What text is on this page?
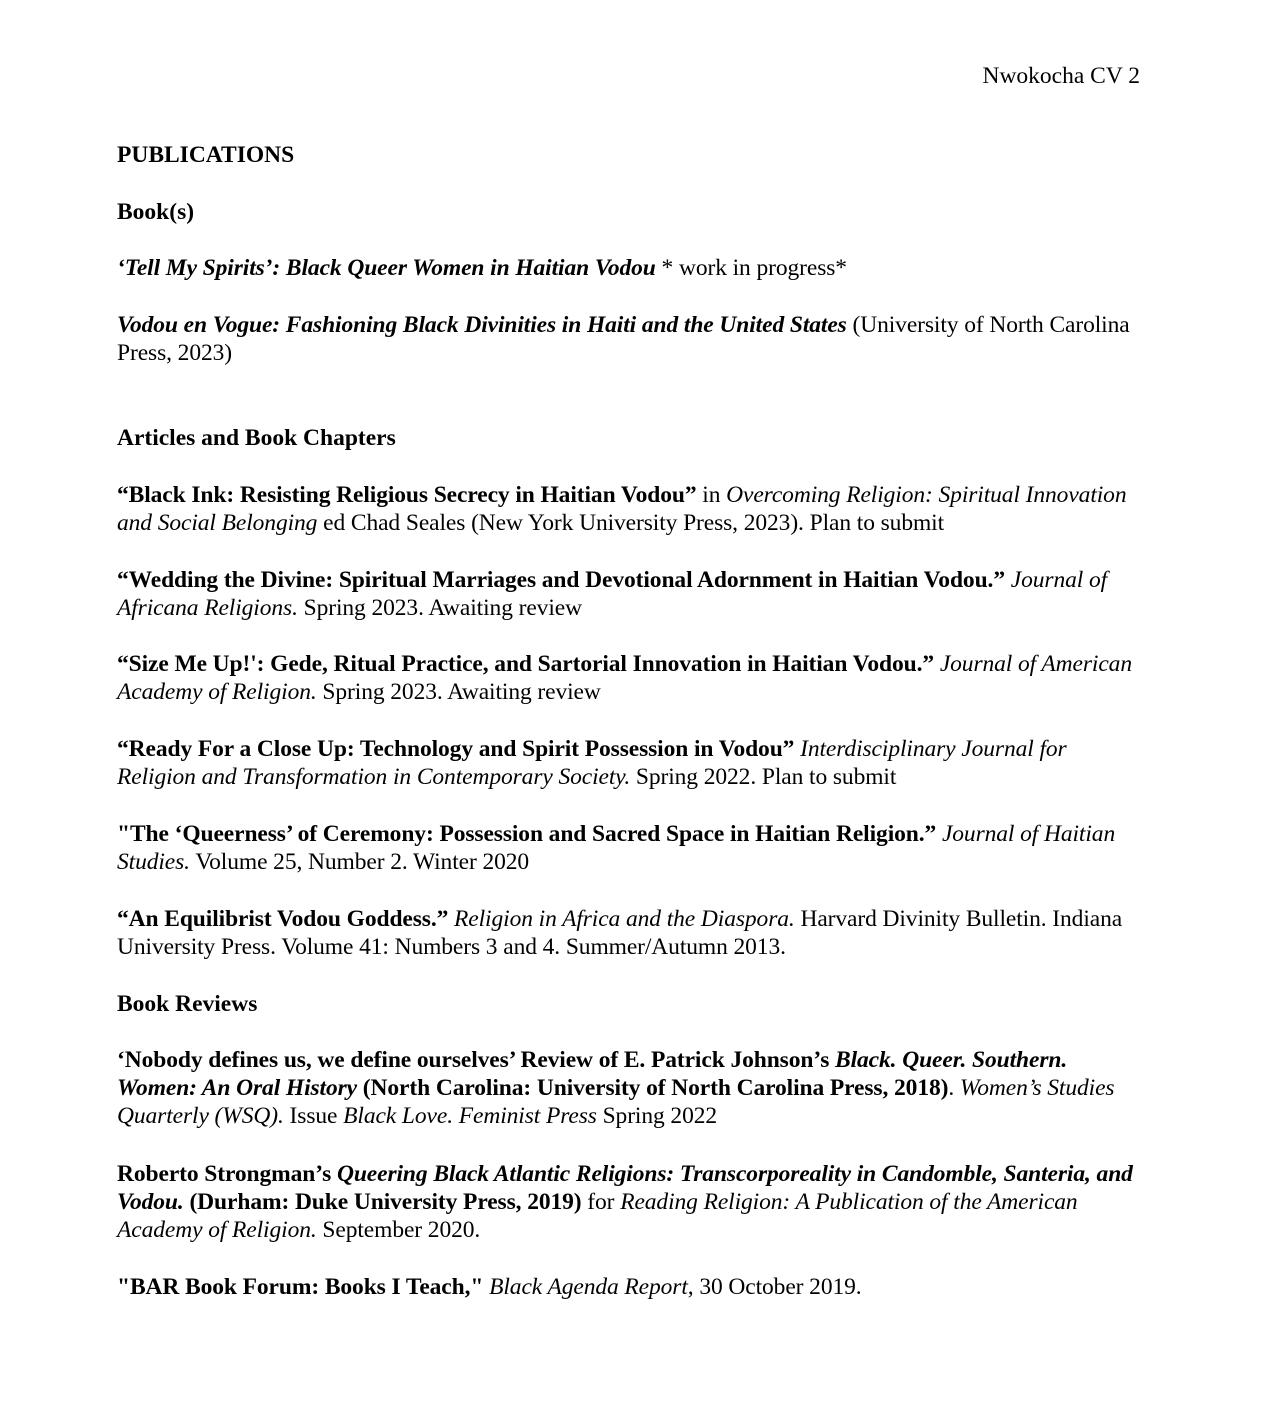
Nwokocha CV 2

PUBLICATIONS

Book(s)

‘Tell My Spirits’: Black Queer Women in Haitian Vodou * work in progress*

Vodou en Vogue: Fashioning Black Divinities in Haiti and the United States (University of North Carolina Press, 2023)

Articles and Book Chapters

“Black Ink: Resisting Religious Secrecy in Haitian Vodou” in Overcoming Religion: Spiritual Innovation and Social Belonging ed Chad Seales (New York University Press, 2023). Plan to submit

“Wedding the Divine: Spiritual Marriages and Devotional Adornment in Haitian Vodou.” Journal of Africana Religions. Spring 2023. Awaiting review

“Size Me Up!': Gede, Ritual Practice, and Sartorial Innovation in Haitian Vodou.” Journal of American Academy of Religion. Spring 2023. Awaiting review

“Ready For a Close Up: Technology and Spirit Possession in Vodou” Interdisciplinary Journal for Religion and Transformation in Contemporary Society. Spring 2022. Plan to submit

"The ‘Queerness’ of Ceremony: Possession and Sacred Space in Haitian Religion.” Journal of Haitian Studies. Volume 25, Number 2. Winter 2020

“An Equilibrist Vodou Goddess.” Religion in Africa and the Diaspora. Harvard Divinity Bulletin. Indiana University Press. Volume 41: Numbers 3 and 4. Summer/Autumn 2013.

Book Reviews

‘Nobody defines us, we define ourselves’ Review of E. Patrick Johnson’s Black. Queer. Southern. Women: An Oral History (North Carolina: University of North Carolina Press, 2018). Women’s Studies Quarterly (WSQ). Issue Black Love. Feminist Press Spring 2022

Roberto Strongman’s Queering Black Atlantic Religions: Transcorporeality in Candomble, Santeria, and Vodou. (Durham: Duke University Press, 2019) for Reading Religion: A Publication of the American Academy of Religion. September 2020.

"BAR Book Forum: Books I Teach," Black Agenda Report, 30 October 2019.
